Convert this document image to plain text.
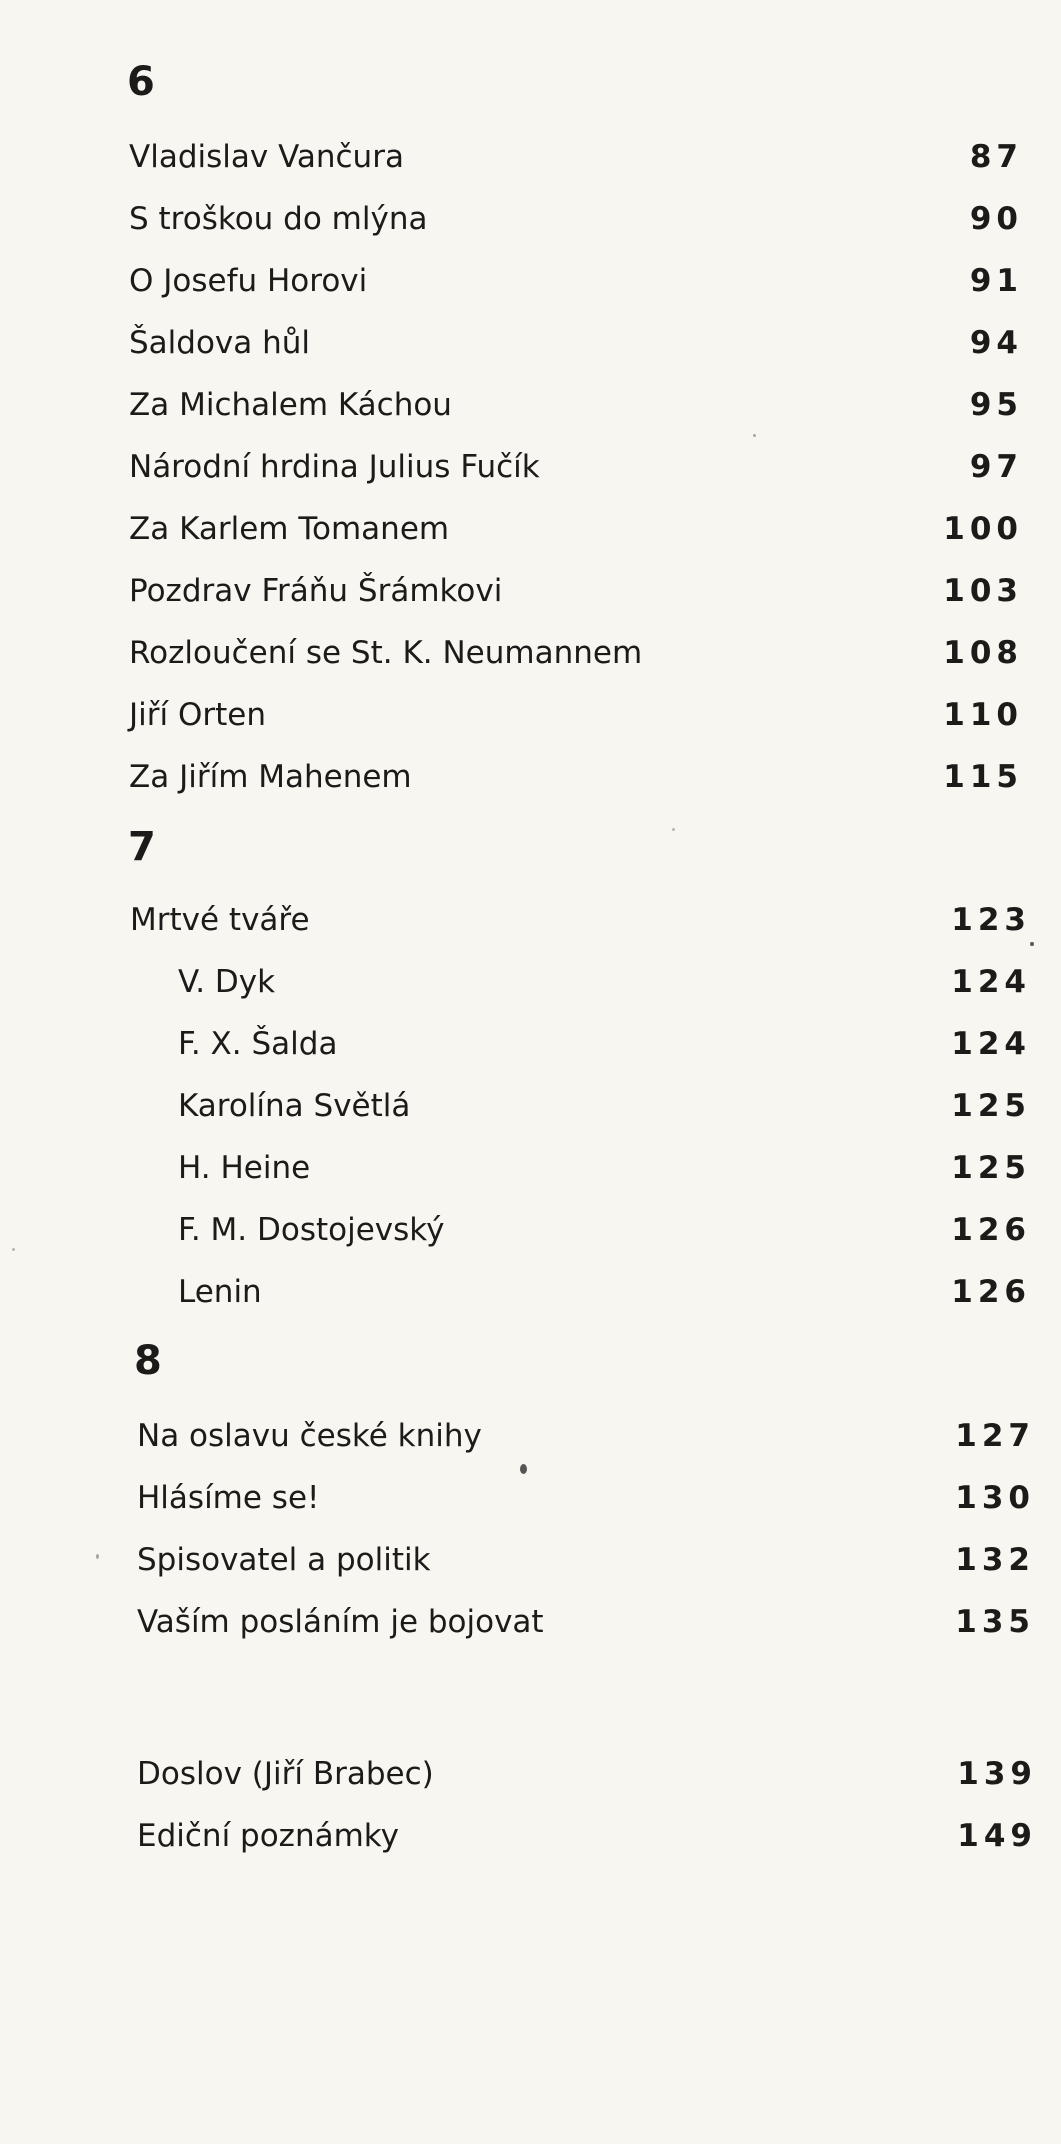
6
Vladislav Vančura	87
S troškou do mlýna	90
O Josefu Horovi	91
Šaldova hůl	94
Za Michalem Káchou	95
Národní hrdina Julius Fučík	97
Za Karlem Tomanem	100
Pozdrav Fráňu Šrámkovi	103
Rozloučení se St. K. Neumannem	108
Jiří Orten	110
Za Jiřím Mahenem	115
7
Mrtvé tváře	123
V. Dyk	124
F. X. Šalda	124
Karolína Světlá	125
H. Heine	125
F. M. Dostojevský	126
Lenin	126
8
Na oslavu české knihy	127
Hlásíme se!	130
Spisovatel a politik	132
Vaším posláním je bojovat	135
Doslov (Jiří Brabec)	139
Ediční poznámky	149
